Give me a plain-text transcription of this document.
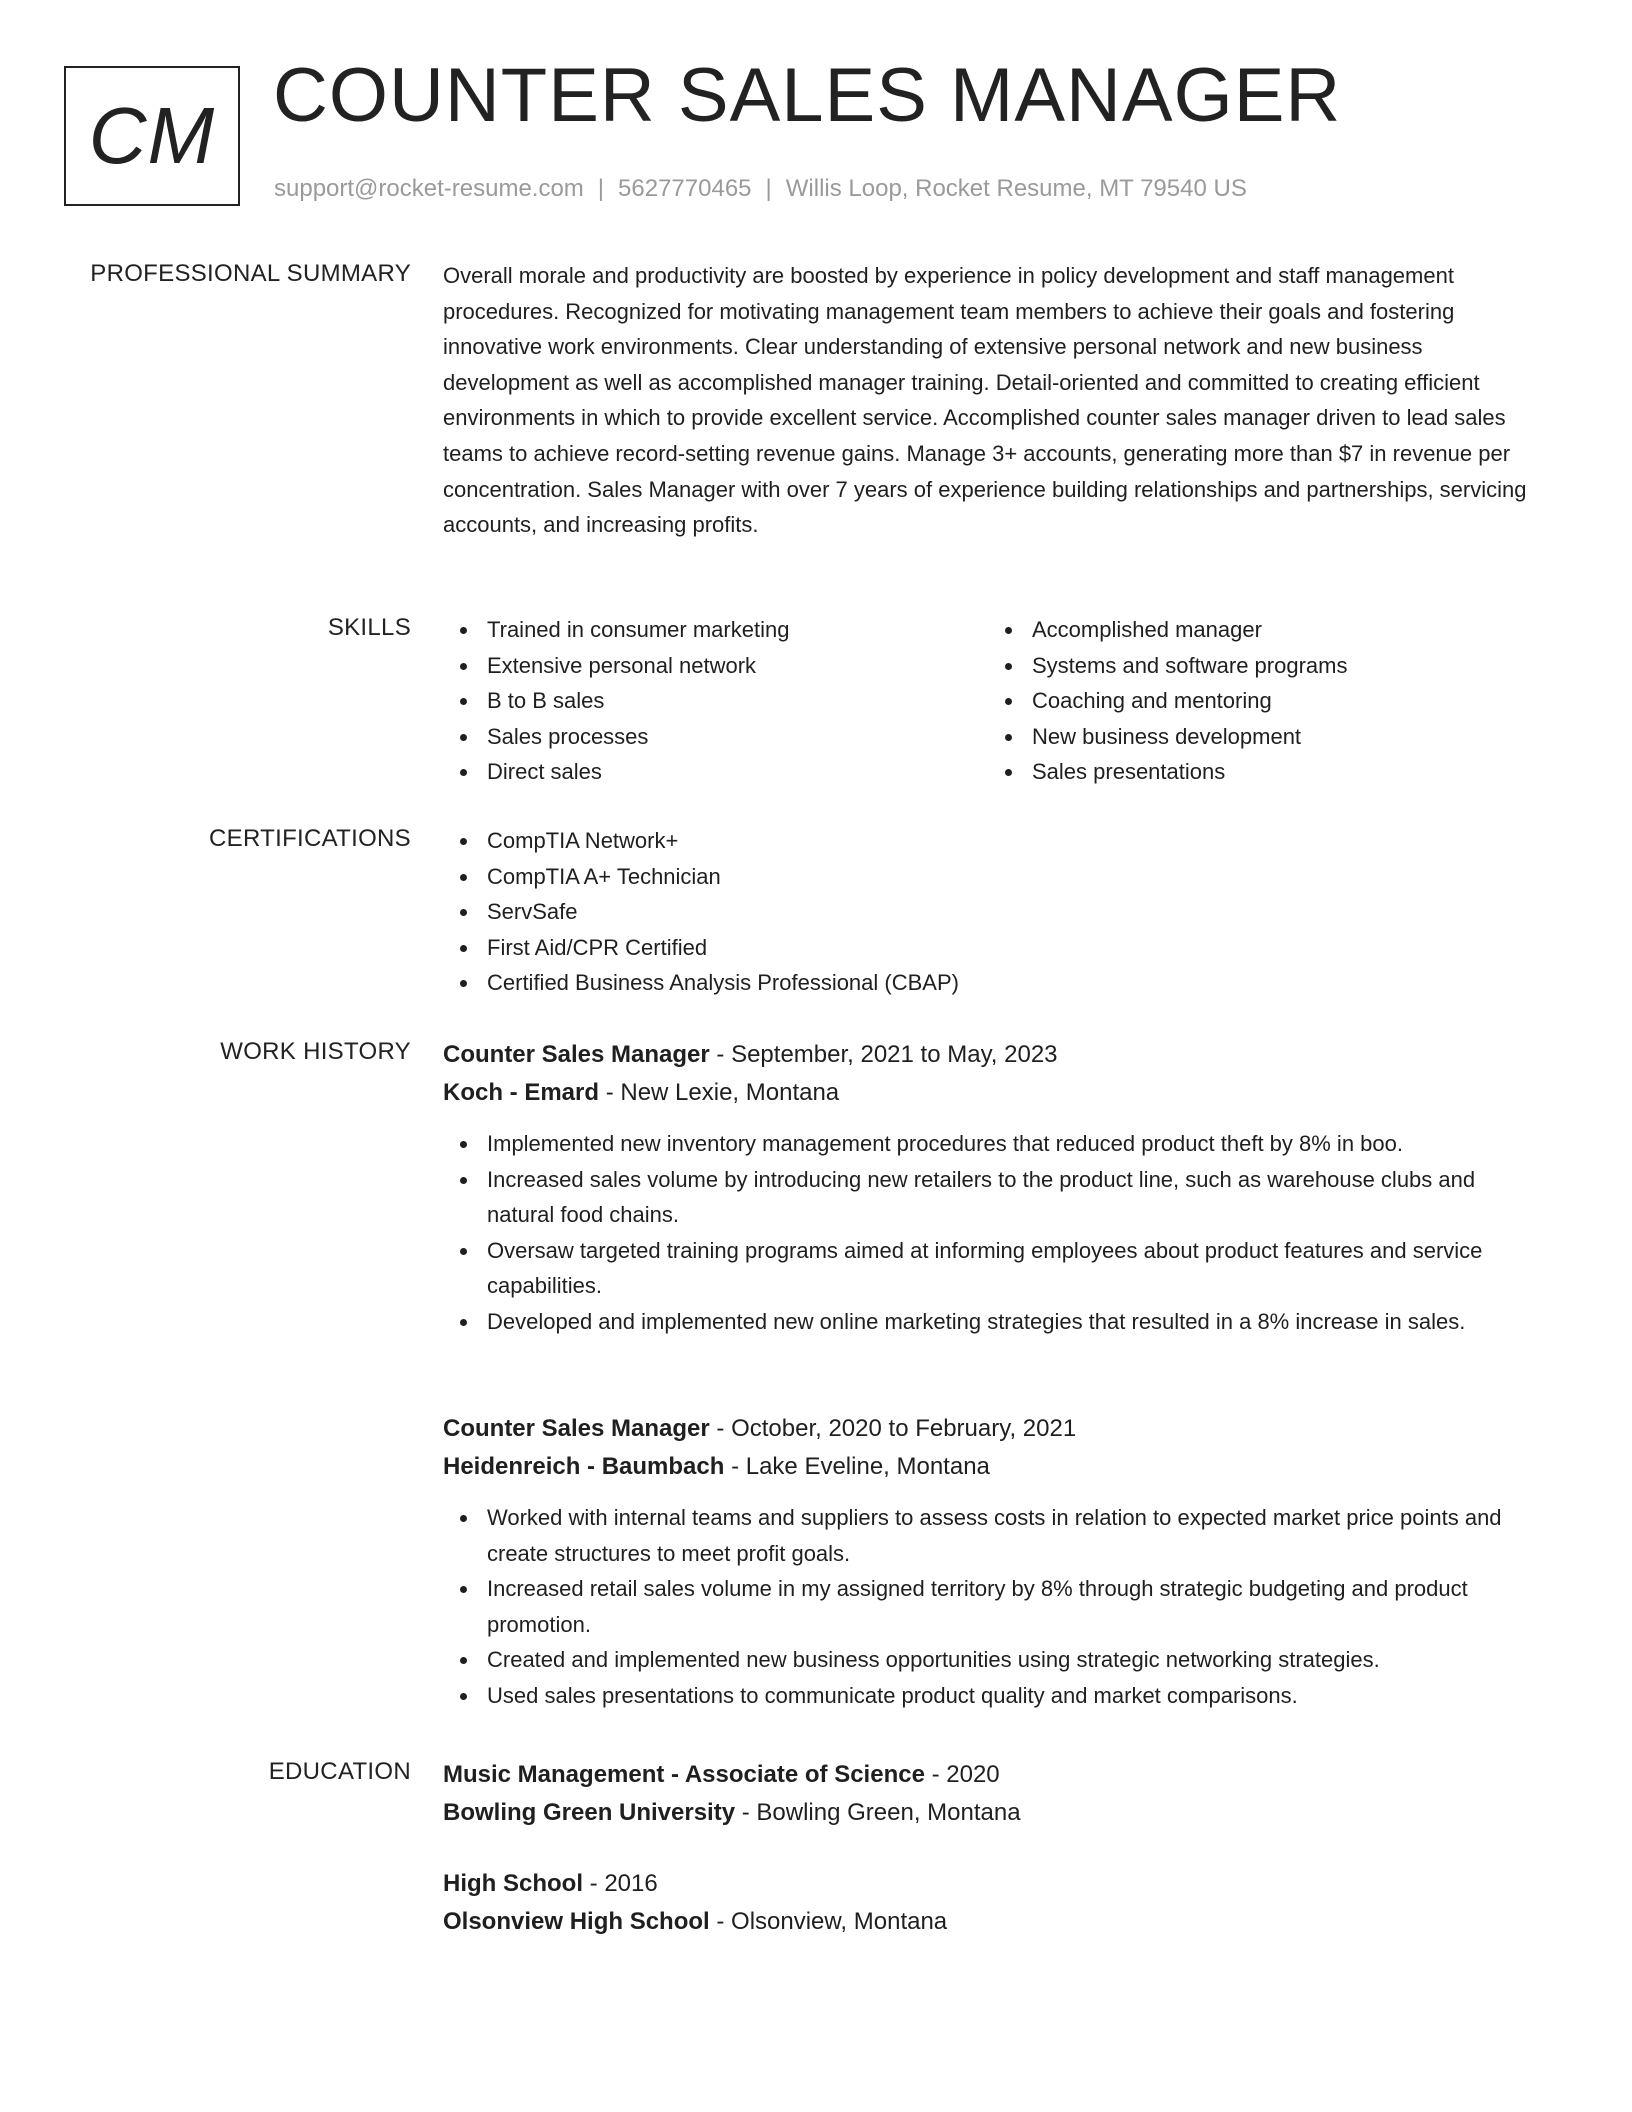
CM COUNTER SALES MANAGER
support@rocket-resume.com | 5627770465 | Willis Loop, Rocket Resume, MT 79540 US
PROFESSIONAL SUMMARY Overall morale and productivity are boosted by experience in policy development and staff management procedures. Recognized for motivating management team members to achieve their goals and fostering innovative work environments. Clear understanding of extensive personal network and new business development as well as accomplished manager training. Detail-oriented and committed to creating efficient environments in which to provide excellent service. Accomplished counter sales manager driven to lead sales teams to achieve record-setting revenue gains. Manage 3+ accounts, generating more than $7 in revenue per concentration. Sales Manager with over 7 years of experience building relationships and partnerships, servicing accounts, and increasing profits.
SKILLS	Trained in consumer marketing
Extensive personal network
B to B sales
Sales processes
Direct sales
Accomplished manager
Systems and software programs
Coaching and mentoring
New business development
Sales presentations
CERTIFICATIONS	CompTIA Network+
CompTIA A+ Technician
ServSafe
First Aid/CPR Certified
Certified Business Analysis Professional (CBAP)
WORK HISTORY Counter Sales Manager - September, 2021 to May, 2023
Koch - Emard - New Lexie, Montana
Implemented new inventory management procedures that reduced product theft by 8% in boo.
Increased sales volume by introducing new retailers to the product line, such as warehouse clubs and natural food chains.
Oversaw targeted training programs aimed at informing employees about product features and service capabilities.
Developed and implemented new online marketing strategies that resulted in a 8% increase in sales.
Counter Sales Manager - October, 2020 to February, 2021
Heidenreich - Baumbach - Lake Eveline, Montana
Worked with internal teams and suppliers to assess costs in relation to expected market price points and create structures to meet profit goals.
Increased retail sales volume in my assigned territory by 8% through strategic budgeting and product promotion.
Created and implemented new business opportunities using strategic networking strategies.
Used sales presentations to communicate product quality and market comparisons.
EDUCATION Music Management - Associate of Science - 2020
Bowling Green University - Bowling Green, Montana
High School - 2016
Olsonview High School - Olsonview, Montana
